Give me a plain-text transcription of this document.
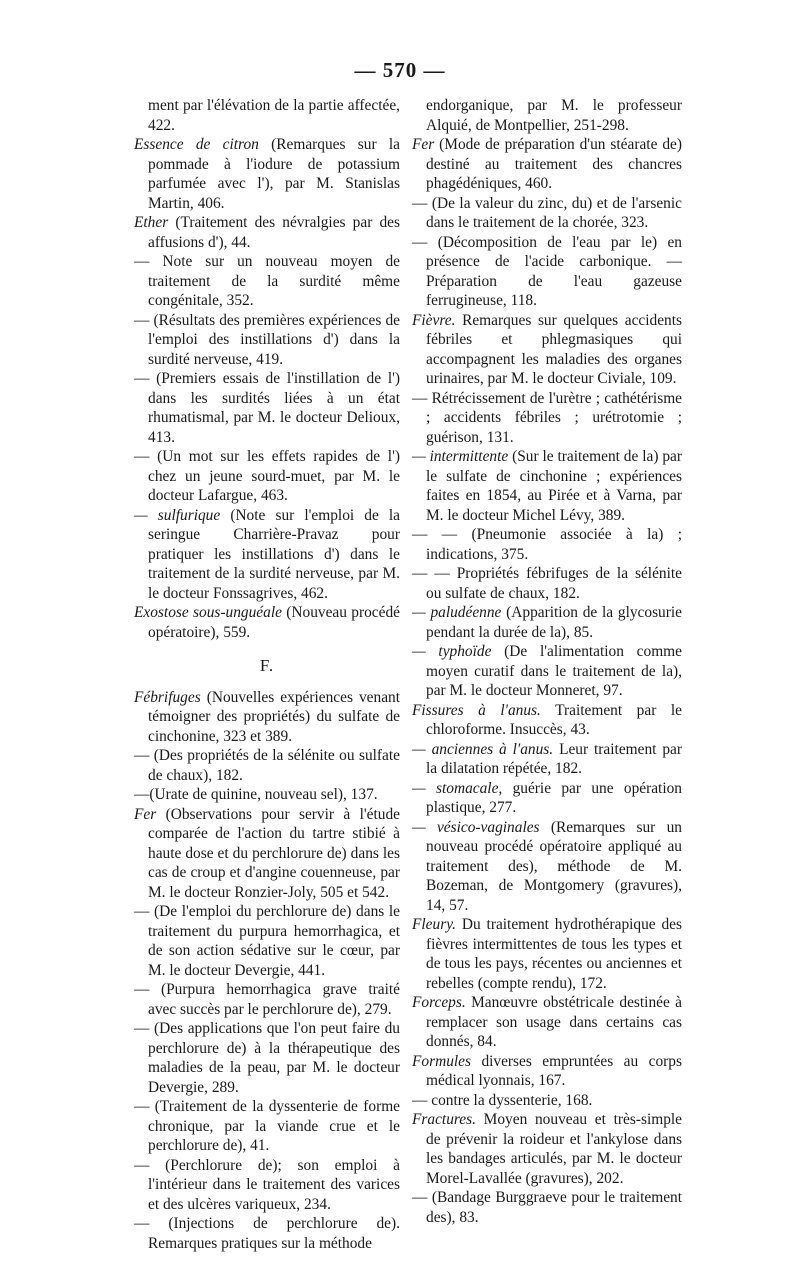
— 570 —
ment par l'élévation de la partie affectée, 422.
Essence de citron (Remarques sur la pommade à l'iodure de potassium parfumée avec l'), par M. Stanislas Martin, 406.
Ether (Traitement des névralgies par des affusions d'), 44.
— Note sur un nouveau moyen de traitement de la surdité même congénitale, 352.
— (Résultats des premières expériences de l'emploi des instillations d') dans la surdité nerveuse, 419.
— (Premiers essais de l'instillation de l') dans les surdités liées à un état rhumatismal, par M. le docteur Delioux, 413.
— (Un mot sur les effets rapides de l') chez un jeune sourd-muet, par M. le docteur Lafargue, 463.
— sulfurique (Note sur l'emploi de la seringue Charrière-Pravaz pour pratiquer les instillations d') dans le traitement de la surdité nerveuse, par M. le docteur Fonssagrives, 462.
Exostose sous-unguéale (Nouveau procédé opératoire), 559.
F.
Fébrifuges (Nouvelles expériences venant témoigner des propriétés) du sulfate de cinchonine, 323 et 389.
— (Des propriétés de la sélénite ou sulfate de chaux), 182.
—(Urate de quinine, nouveau sel), 137.
Fer (Observations pour servir à l'étude comparée de l'action du tartre stibié à haute dose et du perchlorure de) dans les cas de croup et d'angine couenneuse, par M. le docteur Ronzier-Joly, 505 et 542.
— (De l'emploi du perchlorure de) dans le traitement du purpura hemorrhagica, et de son action sédative sur le cœur, par M. le docteur Devergie, 441.
— (Purpura hemorrhagica grave traité avec succès par le perchlorure de), 279.
— (Des applications que l'on peut faire du perchlorure de) à la thérapeutique des maladies de la peau, par M. le docteur Devergie, 289.
— (Traitement de la dyssenterie de forme chronique, par la viande crue et le perchlorure de), 41.
— (Perchlorure de); son emploi à l'intérieur dans le traitement des varices et des ulcères variqueux, 234.
— (Injections de perchlorure de). Remarques pratiques sur la méthode
endorganique, par M. le professeur Alquié, de Montpellier, 251-298.
Fer (Mode de préparation d'un stéarate de) destiné au traitement des chancres phagédéniques, 460.
— (De la valeur du zinc, du) et de l'arsenic dans le traitement de la chorée, 323.
— (Décomposition de l'eau par le) en présence de l'acide carbonique. — Préparation de l'eau gazeuse ferrugineuse, 118.
Fièvre. Remarques sur quelques accidents fébriles et phlegmasiques qui accompagnent les maladies des organes urinaires, par M. le docteur Civiale, 109.
— Rétrécissement de l'urètre ; cathétérisme ; accidents fébriles ; urétrotomie ; guérison, 131.
— intermittente (Sur le traitement de la) par le sulfate de cinchonine ; expériences faites en 1854, au Pirée et à Varna, par M. le docteur Michel Lévy, 389.
— — (Pneumonie associée à la) ; indications, 375.
— — Propriétés fébrifuges de la sélénite ou sulfate de chaux, 182.
— paludéenne (Apparition de la glycosurie pendant la durée de la), 85.
— typhoïde (De l'alimentation comme moyen curatif dans le traitement de la), par M. le docteur Monneret, 97.
Fissures à l'anus. Traitement par le chloroforme. Insuccès, 43.
— anciennes à l'anus. Leur traitement par la dilatation répétée, 182.
— stomacale, guérie par une opération plastique, 277.
— vésico-vaginales (Remarques sur un nouveau procédé opératoire appliqué au traitement des), méthode de M. Bozeman, de Montgomery (gravures), 14, 57.
Fleury. Du traitement hydrothérapique des fièvres intermittentes de tous les types et de tous les pays, récentes ou anciennes et rebelles (compte rendu), 172.
Forceps. Manœuvre obstétricale destinée à remplacer son usage dans certains cas donnés, 84.
Formules diverses empruntées au corps médical lyonnais, 167.
— contre la dyssenterie, 168.
Fractures. Moyen nouveau et très-simple de prévenir la roideur et l'ankylose dans les bandages articulés, par M. le docteur Morel-Lavallée (gravures), 202.
— (Bandage Burggraeve pour le traitement des), 83.
